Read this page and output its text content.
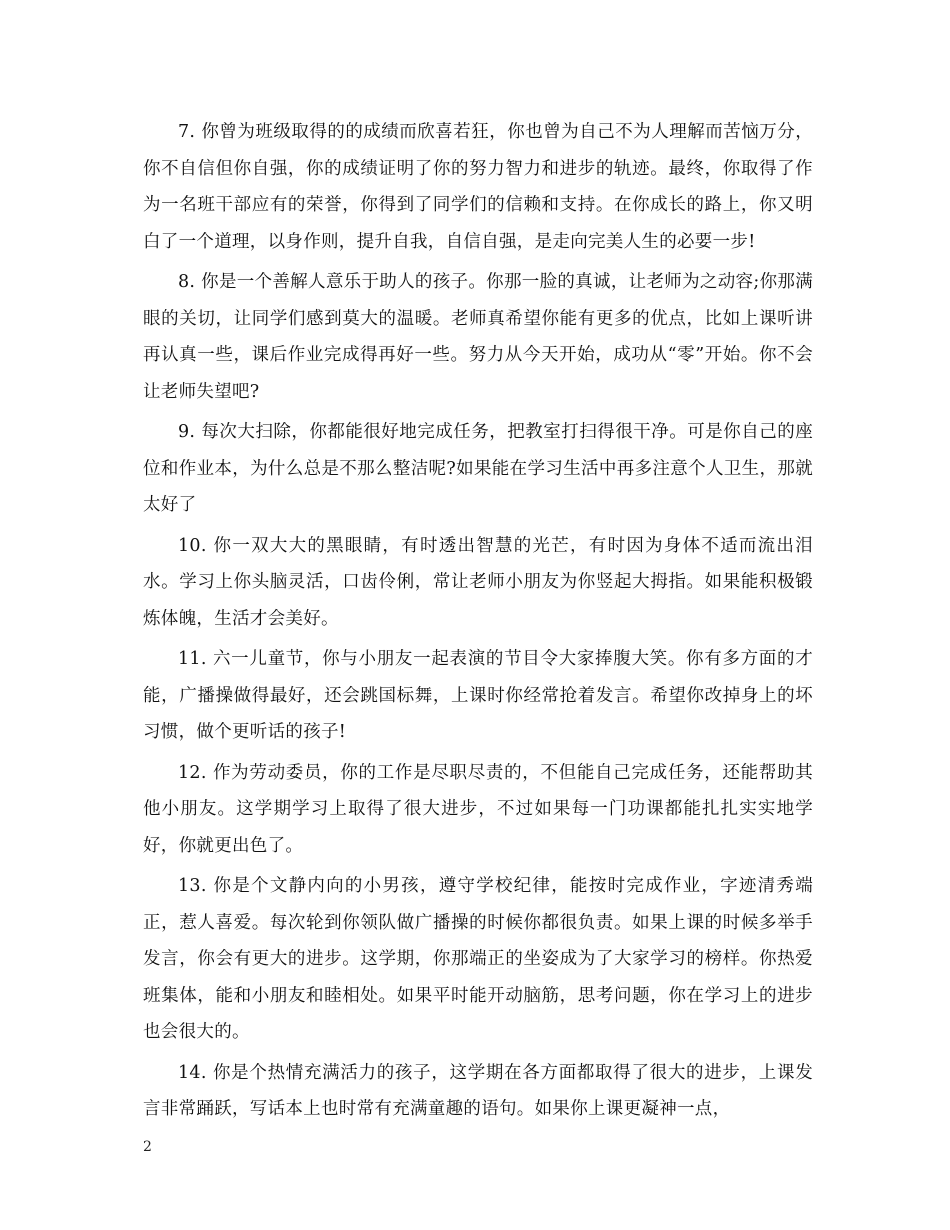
7. 你曾为班级取得的的成绩而欣喜若狂，你也曾为自己不为人理解而苦恼万分，你不自信但你自强，你的成绩证明了你的努力智力和进步的轨迹。最终，你取得了作为一名班干部应有的荣誉，你得到了同学们的信赖和支持。在你成长的路上，你又明白了一个道理，以身作则，提升自我，自信自强，是走向完美人生的必要一步!

8. 你是一个善解人意乐于助人的孩子。你那一脸的真诚，让老师为之动容;你那满眼的关切，让同学们感到莫大的温暖。老师真希望你能有更多的优点，比如上课听讲再认真一些，课后作业完成得再好一些。努力从今天开始，成功从“零”开始。你不会让老师失望吧?

9. 每次大扫除，你都能很好地完成任务，把教室打扫得很干净。可是你自己的座位和作业本，为什么总是不那么整洁呢?如果能在学习生活中再多注意个人卫生，那就太好了

10. 你一双大大的黑眼睛，有时透出智慧的光芒，有时因为身体不适而流出泪水。学习上你头脑灵活，口齿伶俐，常让老师小朋友为你竖起大拇指。如果能积极锻炼体魄，生活才会美好。

11. 六一儿童节，你与小朋友一起表演的节目令大家捧腹大笑。你有多方面的才能，广播操做得最好，还会跳国标舞，上课时你经常抢着发言。希望你改掉身上的坏习惯，做个更听话的孩子!

12. 作为劳动委员，你的工作是尽职尽责的，不但能自己完成任务，还能帮助其他小朋友。这学期学习上取得了很大进步，不过如果每一门功课都能扎扎实实地学好，你就更出色了。

13. 你是个文静内向的小男孩，遵守学校纪律，能按时完成作业，字迹清秀端正，惹人喜爱。每次轮到你领队做广播操的时候你都很负责。如果上课的时候多举手发言，你会有更大的进步。这学期，你那端正的坐姿成为了大家学习的榜样。你热爱班集体，能和小朋友和睦相处。如果平时能开动脑筋，思考问题，你在学习上的进步也会很大的。

14. 你是个热情充满活力的孩子，这学期在各方面都取得了很大的进步，上课发言非常踊跃，写话本上也时常有充满童趣的语句。如果你上课更凝神一点，

2
